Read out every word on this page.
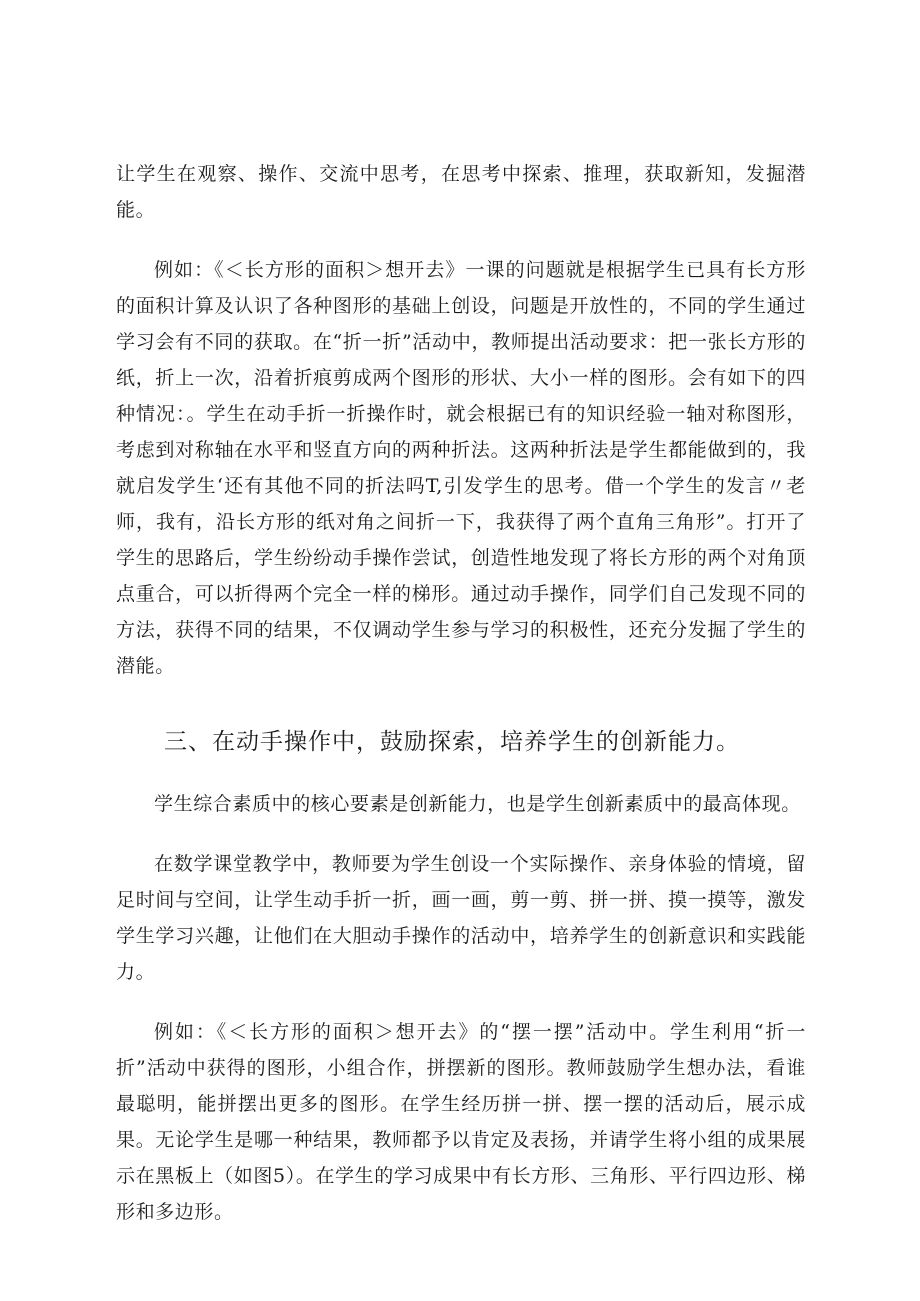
让学生在观察、操作、交流中思考，在思考中探索、推理，获取新知，发掘潜能。

例如：《＜长方形的面积＞想开去》一课的问题就是根据学生已具有长方形的面积计算及认识了各种图形的基础上创设，问题是开放性的，不同的学生通过学习会有不同的获取。在“折一折”活动中，教师提出活动要求：把一张长方形的纸，折上一次，沿着折痕剪成两个图形的形状、大小一样的图形。会有如下的四种情况：。学生在动手折一折操作时，就会根据已有的知识经验一轴对称图形，考虑到对称轴在水平和竖直方向的两种折法。这两种折法是学生都能做到的，我就启发学生‘还有其他不同的折法吗T,引发学生的思考。借一个学生的发言〃老师，我有，沿长方形的纸对角之间折一下，我获得了两个直角三角形”。打开了学生的思路后，学生纷纷动手操作尝试，创造性地发现了将长方形的两个对角顶点重合，可以折得两个完全一样的梯形。通过动手操作，同学们自己发现不同的方法，获得不同的结果，不仅调动学生参与学习的积极性，还充分发掘了学生的潜能。

三、在动手操作中，鼓励探索，培养学生的创新能力。

学生综合素质中的核心要素是创新能力，也是学生创新素质中的最高体现。

在数学课堂教学中，教师要为学生创设一个实际操作、亲身体验的情境，留足时间与空间，让学生动手折一折，画一画，剪一剪、拼一拼、摸一摸等，激发学生学习兴趣，让他们在大胆动手操作的活动中，培养学生的创新意识和实践能力。

例如：《＜长方形的面积＞想开去》的“摆一摆”活动中。学生利用“折一折”活动中获得的图形，小组合作，拼摆新的图形。教师鼓励学生想办法，看谁最聪明，能拼摆出更多的图形。在学生经历拼一拼、摆一摆的活动后，展示成果。无论学生是哪一种结果，教师都予以肯定及表扬，并请学生将小组的成果展示在黑板上（如图5）。在学生的学习成果中有长方形、三角形、平行四边形、梯形和多边形。
